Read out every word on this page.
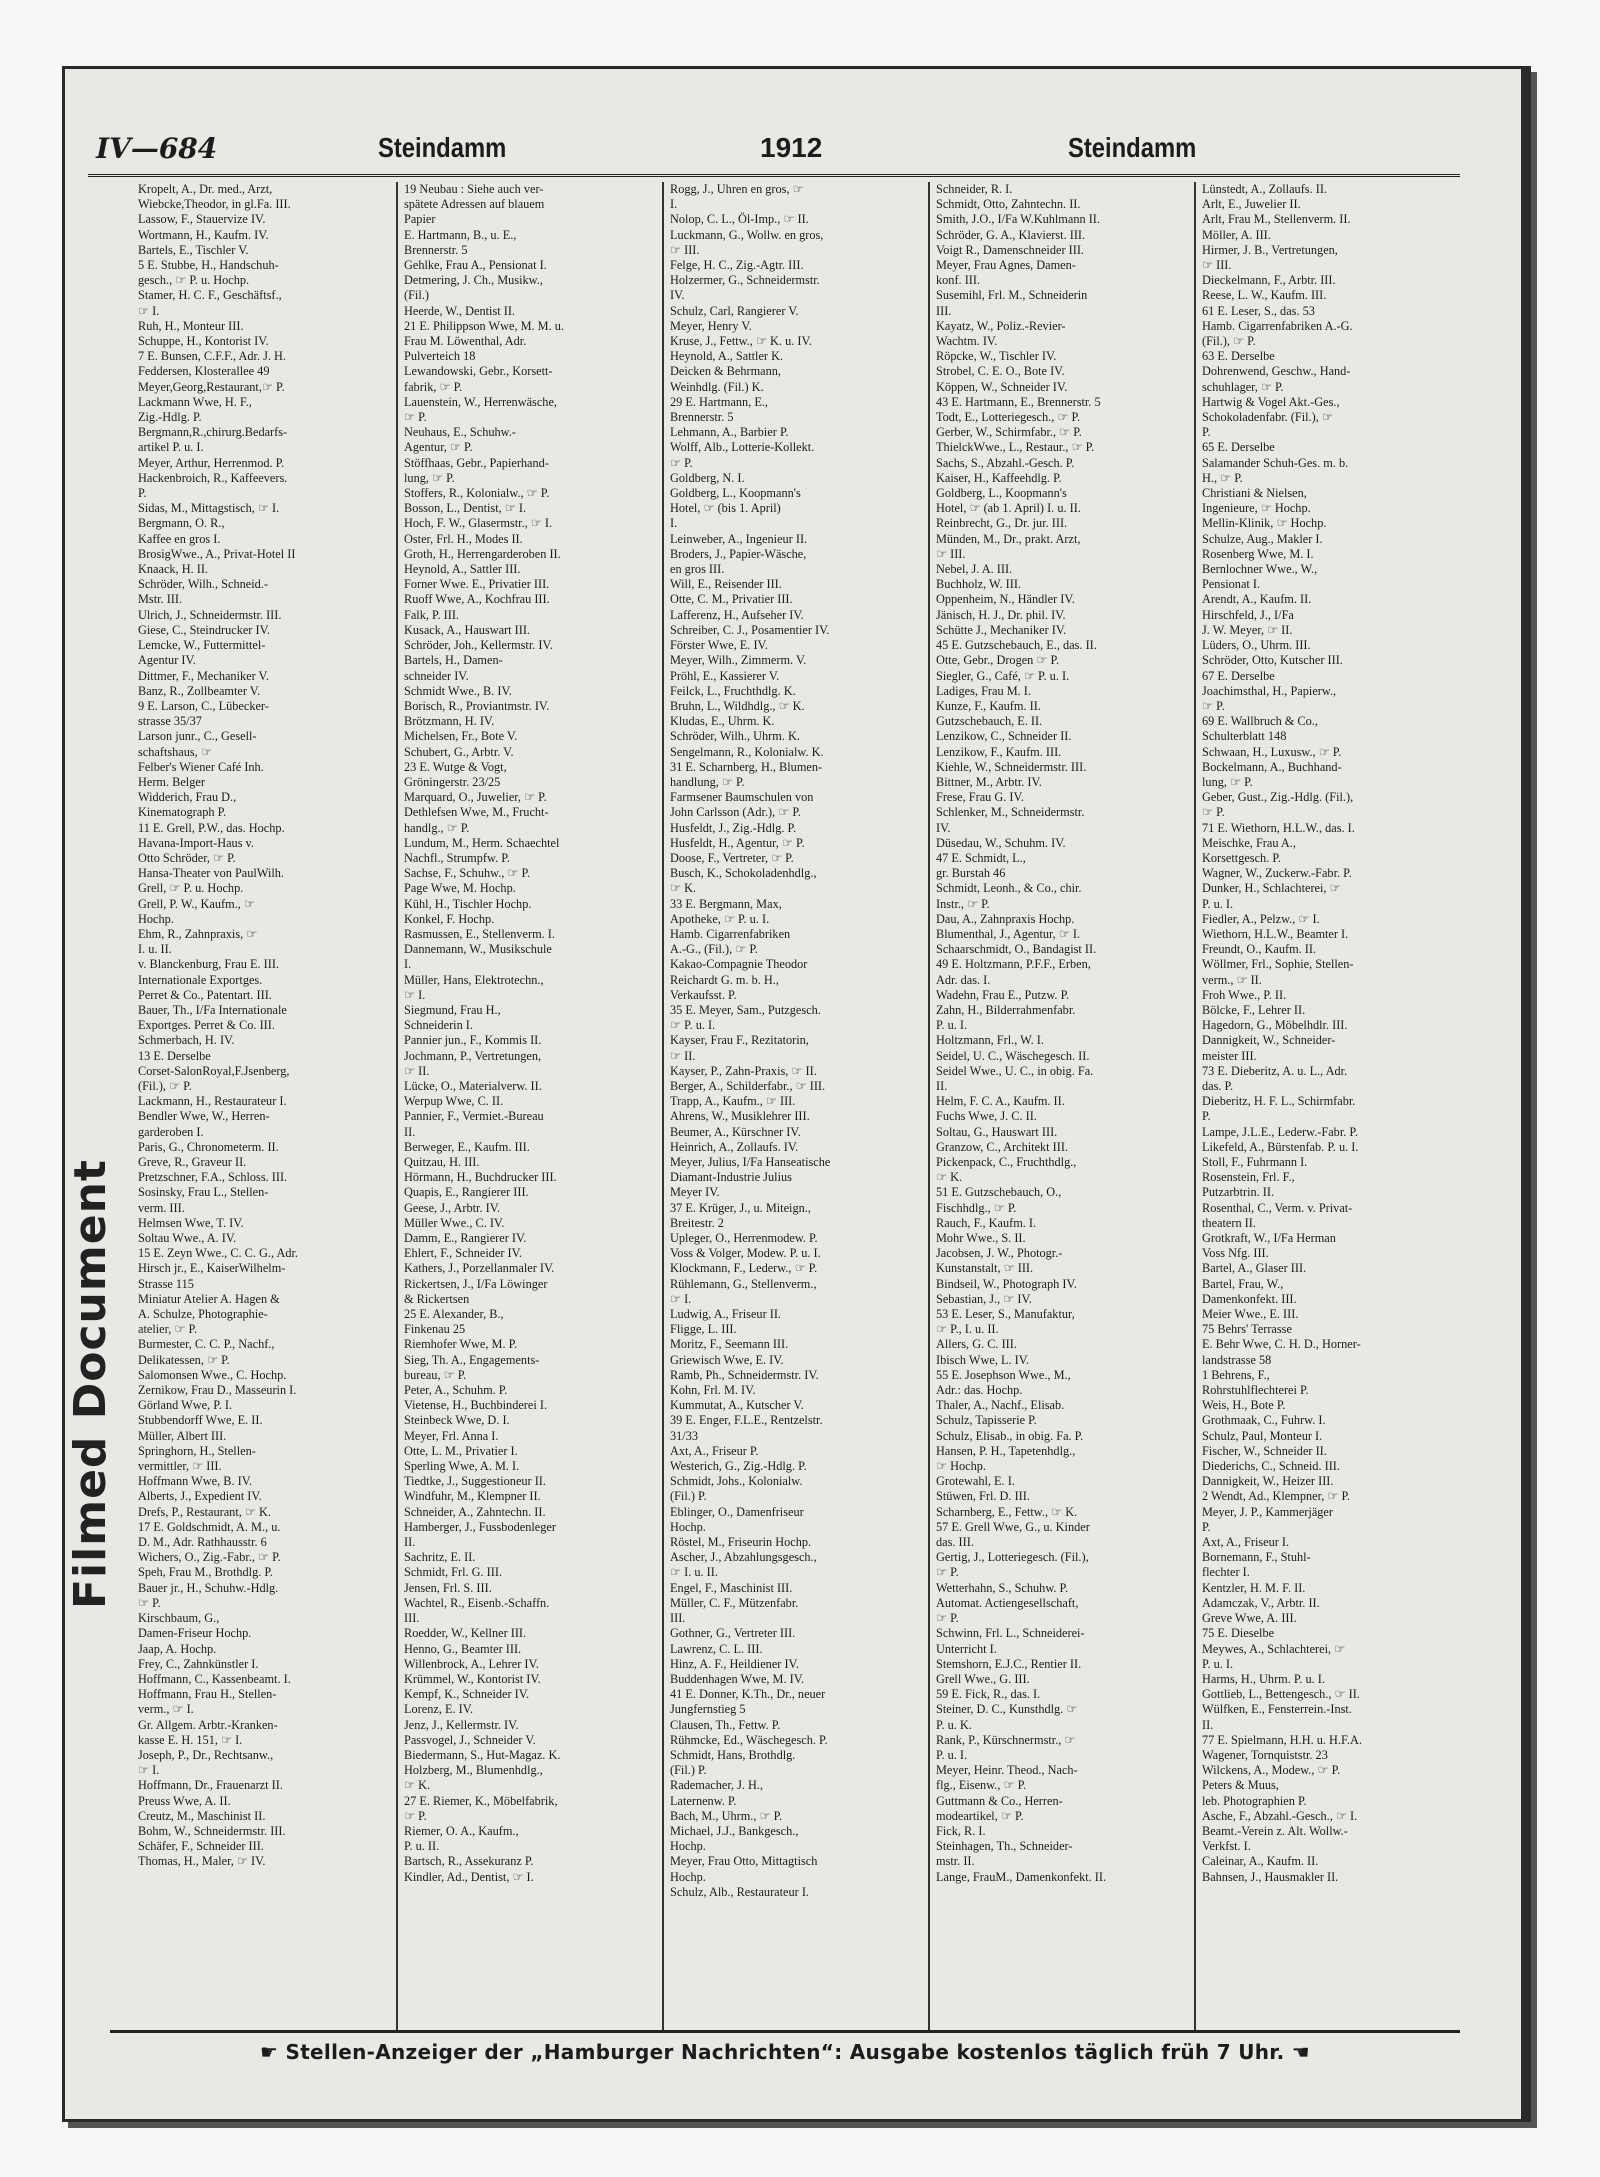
Filmed Document
IV—684	Steindamm	1912	Steindamm
Kropelt, A., Dr. med., Arzt,
Wiebcke,Theodor, in gl.Fa. III.
Lassow, F., Stauervize IV.
Wortmann, H., Kaufm. IV.
Bartels, E., Tischler V.
5 E. Stubbe, H., Handschuh-
gesch., ☞ P. u. Hochp.
Stamer, H. C. F., Geschäftsf.,
☞ I.
Ruh, H., Monteur III.
Schuppe, H., Kontorist IV.
7 E. Bunsen, C.F.F., Adr. J. H.
Feddersen, Klosterallee 49
Meyer,Georg,Restaurant,☞ P.
Lackmann Wwe, H. F.,
Zig.-Hdlg. P.
Bergmann,R.,chirurg.Bedarfs-
artikel P. u. I.
Meyer, Arthur, Herrenmod. P.
Hackenbroich, R., Kaffeevers.
P.
Sidas, M., Mittagstisch, ☞ I.
Bergmann, O. R.,
Kaffee en gros I.
BrosigWwe., A., Privat-Hotel II
Knaack, H. II.
Schröder, Wilh., Schneid.-
Mstr. III.
Ulrich, J., Schneidermstr. III.
Giese, C., Steindrucker IV.
Lemcke, W., Futtermittel-
Agentur IV.
Dittmer, F., Mechaniker V.
Banz, R., Zollbeamter V.
9 E. Larson, C., Lübecker-
strasse 35/37
Larson junr., C., Gesell-
schaftshaus, ☞
Felber's Wiener Café Inh.
Herm. Belger
Widderich, Frau D.,
Kinematograph P.
11 E. Grell, P.W., das. Hochp.
Havana-Import-Haus v.
Otto Schröder, ☞ P.
Hansa-Theater von PaulWilh.
Grell, ☞ P. u. Hochp.
Grell, P. W., Kaufm., ☞
Hochp.
Ehm, R., Zahnpraxis, ☞
I. u. II.
v. Blanckenburg, Frau E. III.
Internationale Exportges.
Perret & Co., Patentart. III.
Bauer, Th., I/Fa Internationale
Exportges. Perret & Co. III.
Schmerbach, H. IV.
13 E. Derselbe
Corset-SalonRoyal,F.Jsenberg,
(Fil.), ☞ P.
Lackmann, H., Restaurateur I.
Bendler Wwe, W., Herren-
garderoben I.
Paris, G., Chronometerm. II.
Greve, R., Graveur II.
Pretzschner, F.A., Schloss. III.
Sosinsky, Frau L., Stellen-
verm. III.
Helmsen Wwe, T. IV.
Soltau Wwe., A. IV.
15 E. Zeyn Wwe., C. C. G., Adr.
Hirsch jr., E., KaiserWilhelm-
Strasse 115
Miniatur Atelier A. Hagen &
A. Schulze, Photographie-
atelier, ☞ P.
Burmester, C. C. P., Nachf.,
Delikatessen, ☞ P.
Salomonsen Wwe., C. Hochp.
Zernikow, Frau D., Masseurin I.
Görland Wwe, P. I.
Stubbendorff Wwe, E. II.
Müller, Albert III.
Springhorn, H., Stellen-
vermittler, ☞ III.
Hoffmann Wwe, B. IV.
Alberts, J., Expedient IV.
Drefs, P., Restaurant, ☞ K.
17 E. Goldschmidt, A. M., u.
D. M., Adr. Rathhausstr. 6
Wichers, O., Zig.-Fabr., ☞ P.
Speh, Frau M., Brothdlg. P.
Bauer jr., H., Schuhw.-Hdlg.
☞ P.
Kirschbaum, G.,
Damen-Friseur Hochp.
Jaap, A. Hochp.
Frey, C., Zahnkünstler I.
Hoffmann, C., Kassenbeamt. I.
Hoffmann, Frau H., Stellen-
verm., ☞ I.
Gr. Allgem. Arbtr.-Kranken-
kasse E. H. 151, ☞ I.
Joseph, P., Dr., Rechtsanw.,
☞ I.
Hoffmann, Dr., Frauenarzt II.
Preuss Wwe, A. II.
Creutz, M., Maschinist II.
Bohm, W., Schneidermstr. III.
Schäfer, F., Schneider III.
Thomas, H., Maler, ☞ IV.
19 Neubau : Siehe auch ver-
spätete Adressen auf blauem
Papier
E. Hartmann, B., u. E.,
Brennerstr. 5
Gehlke, Frau A., Pensionat I.
Detmering, J. Ch., Musikw.,
(Fil.)
Heerde, W., Dentist II.
21 E. Philippson Wwe, M. M. u.
Frau M. Löwenthal, Adr.
Pulverteich 18
Lewandowski, Gebr., Korsett-
fabrik, ☞ P.
Lauenstein, W., Herrenwäsche,
☞ P.
Neuhaus, E., Schuhw.-
Agentur, ☞ P.
Stöffhaas, Gebr., Papierhand-
lung, ☞ P.
Stoffers, R., Kolonialw., ☞ P.
Bosson, L., Dentist, ☞ I.
Hoch, F. W., Glasermstr., ☞ I.
Oster, Frl. H., Modes II.
Groth, H., Herrengarderoben II.
Heynold, A., Sattler III.
Forner Wwe. E., Privatier III.
Ruoff Wwe, A., Kochfrau III.
Falk, P. III.
Kusack, A., Hauswart III.
Schröder, Joh., Kellermstr. IV.
Bartels, H., Damen-
schneider IV.
Schmidt Wwe., B. IV.
Borisch, R., Proviantmstr. IV.
Brötzmann, H. IV.
Michelsen, Fr., Bote V.
Schubert, G., Arbtr. V.
23 E. Wutge & Vogt,
Gröningerstr. 23/25
Marquard, O., Juwelier, ☞ P.
Dethlefsen Wwe, M., Frucht-
handlg., ☞ P.
Lundum, M., Herm. Schaechtel
Nachfl., Strumpfw. P.
Sachse, F., Schuhw., ☞ P.
Page Wwe, M. Hochp.
Kühl, H., Tischler Hochp.
Konkel, F. Hochp.
Rasmussen, E., Stellenverm. I.
Dannemann, W., Musikschule
I.
Müller, Hans, Elektrotechn.,
☞ I.
Siegmund, Frau H.,
Schneiderin I.
Pannier jun., F., Kommis II.
Jochmann, P., Vertretungen,
☞ II.
Lücke, O., Materialverw. II.
Werpup Wwe, C. II.
Pannier, F., Vermiet.-Bureau
II.
Berweger, E., Kaufm. III.
Quitzau, H. III.
Hörmann, H., Buchdrucker III.
Quapis, E., Rangierer III.
Geese, J., Arbtr. IV.
Müller Wwe., C. IV.
Damm, E., Rangierer IV.
Ehlert, F., Schneider IV.
Kathers, J., Porzellanmaler IV.
Rickertsen, J., I/Fa Löwinger
& Rickertsen
25 E. Alexander, B.,
Finkenau 25
Riemhofer Wwe, M. P.
Sieg, Th. A., Engagements-
bureau, ☞ P.
Peter, A., Schuhm. P.
Vietense, H., Buchbinderei I.
Steinbeck Wwe, D. I.
Meyer, Frl. Anna I.
Otte, L. M., Privatier I.
Sperling Wwe, A. M. I.
Tiedtke, J., Suggestioneur II.
Windfuhr, M., Klempner II.
Schneider, A., Zahntechn. II.
Hamberger, J., Fussbodenleger
II.
Sachritz, E. II.
Schmidt, Frl. G. III.
Jensen, Frl. S. III.
Wachtel, R., Eisenb.-Schaffn.
III.
Roedder, W., Kellner III.
Henno, G., Beamter III.
Willenbrock, A., Lehrer IV.
Krümmel, W., Kontorist IV.
Kempf, K., Schneider IV.
Lorenz, E. IV.
Jenz, J., Kellermstr. IV.
Passvogel, J., Schneider V.
Biedermann, S., Hut-Magaz. K.
Holzberg, M., Blumenhdlg.,
☞ K.
27 E. Riemer, K., Möbelfabrik,
☞ P.
Riemer, O. A., Kaufm.,
P. u. II.
Bartsch, R., Assekuranz P.
Kindler, Ad., Dentist, ☞ I.
Rogg, J., Uhren en gros, ☞
I.
Nolop, C. L., Öl-Imp., ☞ II.
Luckmann, G., Wollw. en gros,
☞ III.
Felge, H. C., Zig.-Agtr. III.
Holzermer, G., Schneidermstr.
IV.
Schulz, Carl, Rangierer V.
Meyer, Henry V.
Kruse, J., Fettw., ☞ K. u. IV.
Heynold, A., Sattler K.
Deicken & Behrmann,
Weinhdlg. (Fil.) K.
29 E. Hartmann, E.,
Brennerstr. 5
Lehmann, A., Barbier P.
Wolff, Alb., Lotterie-Kollekt.
☞ P.
Goldberg, N. I.
Goldberg, L., Koopmann's
Hotel, ☞ (bis 1. April)
I.
Leinweber, A., Ingenieur II.
Broders, J., Papier-Wäsche,
en gros III.
Will, E., Reisender III.
Otte, C. M., Privatier III.
Lafferenz, H., Aufseher IV.
Schreiber, C. J., Posamentier IV.
Förster Wwe, E. IV.
Meyer, Wilh., Zimmerm. V.
Pröhl, E., Kassierer V.
Feilck, L., Fruchthdlg. K.
Bruhn, L., Wildhdlg., ☞ K.
Kludas, E., Uhrm. K.
Schröder, Wilh., Uhrm. K.
Sengelmann, R., Kolonialw. K.
31 E. Scharnberg, H., Blumen-
handlung, ☞ P.
Farmsener Baumschulen von
John Carlsson (Adr.), ☞ P.
Husfeldt, J., Zig.-Hdlg. P.
Husfeldt, H., Agentur, ☞ P.
Doose, F., Vertreter, ☞ P.
Busch, K., Schokoladenhdlg.,
☞ K.
33 E. Bergmann, Max,
Apotheke, ☞ P. u. I.
Hamb. Cigarrenfabriken
A.-G., (Fil.), ☞ P.
Kakao-Compagnie Theodor
Reichardt G. m. b. H.,
Verkaufsst. P.
35 E. Meyer, Sam., Putzgesch.
☞ P. u. I.
Kayser, Frau F., Rezitatorin,
☞ II.
Kayser, P., Zahn-Praxis, ☞ II.
Berger, A., Schilderfabr., ☞ III.
Trapp, A., Kaufm., ☞ III.
Ahrens, W., Musiklehrer III.
Beumer, A., Kürschner IV.
Heinrich, A., Zollaufs. IV.
Meyer, Julius, I/Fa Hanseatische
Diamant-Industrie Julius
Meyer IV.
37 E. Krüger, J., u. Miteign.,
Breitestr. 2
Upleger, O., Herrenmodew. P.
Voss & Volger, Modew. P. u. I.
Klockmann, F., Lederw., ☞ P.
Rühlemann, G., Stellenverm.,
☞ I.
Ludwig, A., Friseur II.
Fligge, L. III.
Moritz, F., Seemann III.
Griewisch Wwe, E. IV.
Ramb, Ph., Schneidermstr. IV.
Kohn, Frl. M. IV.
Kummutat, A., Kutscher V.
39 E. Enger, F.L.E., Rentzelstr.
31/33
Axt, A., Friseur P.
Westerich, G., Zig.-Hdlg. P.
Schmidt, Johs., Kolonialw.
(Fil.) P.
Eblinger, O., Damenfriseur
Hochp.
Röstel, M., Friseurin Hochp.
Ascher, J., Abzahlungsgesch.,
☞ I. u. II.
Engel, F., Maschinist III.
Müller, C. F., Mützenfabr.
III.
Gothner, G., Vertreter III.
Lawrenz, C. L. III.
Hinz, A. F., Heildiener IV.
Buddenhagen Wwe, M. IV.
41 E. Donner, K.Th., Dr., neuer
Jungfernstieg 5
Clausen, Th., Fettw. P.
Rühmcke, Ed., Wäschegesch. P.
Schmidt, Hans, Brothdlg.
(Fil.) P.
Rademacher, J. H.,
Laternenw. P.
Bach, M., Uhrm., ☞ P.
Michael, J.J., Bankgesch.,
Hochp.
Meyer, Frau Otto, Mittagtisch
Hochp.
Schulz, Alb., Restaurateur I.
Schneider, R. I.
Schmidt, Otto, Zahntechn. II.
Smith, J.O., I/Fa W.Kuhlmann II.
Schröder, G. A., Klavierst. III.
Voigt R., Damenschneider III.
Meyer, Frau Agnes, Damen-
konf. III.
Susemihl, Frl. M., Schneiderin
III.
Kayatz, W., Poliz.-Revier-
Wachtm. IV.
Röpcke, W., Tischler IV.
Strobel, C. E. O., Bote IV.
Köppen, W., Schneider IV.
43 E. Hartmann, E., Brennerstr. 5
Todt, E., Lotteriegesch., ☞ P.
Gerber, W., Schirmfabr., ☞ P.
ThielckWwe., L., Restaur., ☞ P.
Sachs, S., Abzahl.-Gesch. P.
Kaiser, H., Kaffeehdlg. P.
Goldberg, L., Koopmann's
Hotel, ☞ (ab 1. April) I. u. II.
Reinbrecht, G., Dr. jur. III.
Münden, M., Dr., prakt. Arzt,
☞ III.
Nebel, J. A. III.
Buchholz, W. III.
Oppenheim, N., Händler IV.
Jänisch, H. J., Dr. phil. IV.
Schütte J., Mechaniker IV.
45 E. Gutzschebauch, E., das. II.
Otte, Gebr., Drogen ☞ P.
Siegler, G., Café, ☞ P. u. I.
Ladiges, Frau M. I.
Kunze, F., Kaufm. II.
Gutzschebauch, E. II.
Lenzikow, C., Schneider II.
Lenzikow, F., Kaufm. III.
Kiehle, W., Schneidermstr. III.
Bittner, M., Arbtr. IV.
Frese, Frau G. IV.
Schlenker, M., Schneidermstr.
IV.
Düsedau, W., Schuhm. IV.
47 E. Schmidt, L.,
gr. Burstah 46
Schmidt, Leonh., & Co., chir.
Instr., ☞ P.
Dau, A., Zahnpraxis Hochp.
Blumenthal, J., Agentur, ☞ I.
Schaarschmidt, O., Bandagist II.
49 E. Holtzmann, P.F.F., Erben,
Adr. das. I.
Wadehn, Frau E., Putzw. P.
Zahn, H., Bilderrahmenfabr.
P. u. I.
Holtzmann, Frl., W. I.
Seidel, U. C., Wäschegesch. II.
Seidel Wwe., U. C., in obig. Fa.
II.
Helm, F. C. A., Kaufm. II.
Fuchs Wwe, J. C. II.
Soltau, G., Hauswart III.
Granzow, C., Architekt III.
Pickenpack, C., Fruchthdlg.,
☞ K.
51 E. Gutzschebauch, O.,
Fischhdlg., ☞ P.
Rauch, F., Kaufm. I.
Mohr Wwe., S. II.
Jacobsen, J. W., Photogr.-
Kunstanstalt, ☞ III.
Bindseil, W., Photograph IV.
Sebastian, J., ☞ IV.
53 E. Leser, S., Manufaktur,
☞ P., I. u. II.
Allers, G. C. III.
Ibisch Wwe, L. IV.
55 E. Josephson Wwe., M.,
Adr.: das. Hochp.
Thaler, A., Nachf., Elisab.
Schulz, Tapisserie P.
Schulz, Elisab., in obig. Fa. P.
Hansen, P. H., Tapetenhdlg.,
☞ Hochp.
Grotewahl, E. I.
Stüwen, Frl. D. III.
Scharnberg, E., Fettw., ☞ K.
57 E. Grell Wwe, G., u. Kinder
das. III.
Gertig, J., Lotteriegesch. (Fil.),
☞ P.
Wetterhahn, S., Schuhw. P.
Automat. Actiengesellschaft,
☞ P.
Schwinn, Frl. L., Schneiderei-
Unterricht I.
Stemshorn, E.J.C., Rentier II.
Grell Wwe., G. III.
59 E. Fick, R., das. I.
Steiner, D. C., Kunsthdlg. ☞
P. u. K.
Rank, P., Kürschnermstr., ☞
P. u. I.
Meyer, Heinr. Theod., Nach-
flg., Eisenw., ☞ P.
Guttmann & Co., Herren-
modeartikel, ☞ P.
Fick, R. I.
Steinhagen, Th., Schneider-
mstr. II.
Lange, FrauM., Damenkonfekt. II.
Lünstedt, A., Zollaufs. II.
Arlt, E., Juwelier II.
Arlt, Frau M., Stellenverm. II.
Möller, A. III.
Hirmer, J. B., Vertretungen,
☞ III.
Dieckelmann, F., Arbtr. III.
Reese, L. W., Kaufm. III.
61 E. Leser, S., das. 53
Hamb. Cigarrenfabriken A.-G.
(Fil.), ☞ P.
63 E. Derselbe
Dohrenwend, Geschw., Hand-
schuhlager, ☞ P.
Hartwig & Vogel Akt.-Ges.,
Schokoladenfabr. (Fil.), ☞
P.
65 E. Derselbe
Salamander Schuh-Ges. m. b.
H., ☞ P.
Christiani & Nielsen,
Ingenieure, ☞ Hochp.
Mellin-Klinik, ☞ Hochp.
Schulze, Aug., Makler I.
Rosenberg Wwe, M. I.
Bernlochner Wwe., W.,
Pensionat I.
Arendt, A., Kaufm. II.
Hirschfeld, J., I/Fa
J. W. Meyer, ☞ II.
Lüders, O., Uhrm. III.
Schröder, Otto, Kutscher III.
67 E. Derselbe
Joachimsthal, H., Papierw.,
☞ P.
69 E. Wallbruch & Co.,
Schulterblatt 148
Schwaan, H., Luxusw., ☞ P.
Bockelmann, A., Buchhand-
lung, ☞ P.
Geber, Gust., Zig.-Hdlg. (Fil.),
☞ P.
71 E. Wiethorn, H.L.W., das. I.
Meischke, Frau A.,
Korsettgesch. P.
Wagner, W., Zuckerw.-Fabr. P.
Dunker, H., Schlachterei, ☞
P. u. I.
Fiedler, A., Pelzw., ☞ I.
Wiethorn, H.L.W., Beamter I.
Freundt, O., Kaufm. II.
Wöllmer, Frl., Sophie, Stellen-
verm., ☞ II.
Froh Wwe., P. II.
Bölcke, F., Lehrer II.
Hagedorn, G., Möbelhdlr. III.
Dannigkeit, W., Schneider-
meister III.
73 E. Dieberitz, A. u. L., Adr.
das. P.
Dieberitz, H. F. L., Schirmfabr.
P.
Lampe, J.L.E., Lederw.-Fabr. P.
Likefeld, A., Bürstenfab. P. u. I.
Stoll, F., Fuhrmann I.
Rosenstein, Frl. F.,
Putzarbtrin. II.
Rosenthal, C., Verm. v. Privat-
theatern II.
Grotkraft, W., I/Fa Herman
Voss Nfg. III.
Bartel, A., Glaser III.
Bartel, Frau, W.,
Damenkonfekt. III.
Meier Wwe., E. III.
75 Behrs' Terrasse
E. Behr Wwe, C. H. D., Horner-
landstrasse 58
1 Behrens, F.,
Rohrstuhlflechterei P.
Weis, H., Bote P.
Grothmaak, C., Fuhrw. I.
Schulz, Paul, Monteur I.
Fischer, W., Schneider II.
Diederichs, C., Schneid. III.
Dannigkeit, W., Heizer III.
2 Wendt, Ad., Klempner, ☞ P.
Meyer, J. P., Kammerjäger
P.
Axt, A., Friseur I.
Bornemann, F., Stuhl-
flechter I.
Kentzler, H. M. F. II.
Adamczak, V., Arbtr. II.
Greve Wwe, A. III.
75 E. Dieselbe
Meywes, A., Schlachterei, ☞
P. u. I.
Harms, H., Uhrm. P. u. I.
Gottlieb, L., Bettengesch., ☞ II.
Wülfken, E., Fensterrein.-Inst.
II.
77 E. Spielmann, H.H. u. H.F.A.
Wagener, Tornquiststr. 23
Wilckens, A., Modew., ☞ P.
Peters & Muus,
leb. Photographien P.
Asche, F., Abzahl.-Gesch., ☞ I.
Beamt.-Verein z. Alt. Wollw.-
Verkfst. I.
Caleinar, A., Kaufm. II.
Bahnsen, J., Hausmakler II.
☛ Stellen-Anzeiger der „Hamburger Nachrichten“: Ausgabe kostenlos täglich früh 7 Uhr. ☚
